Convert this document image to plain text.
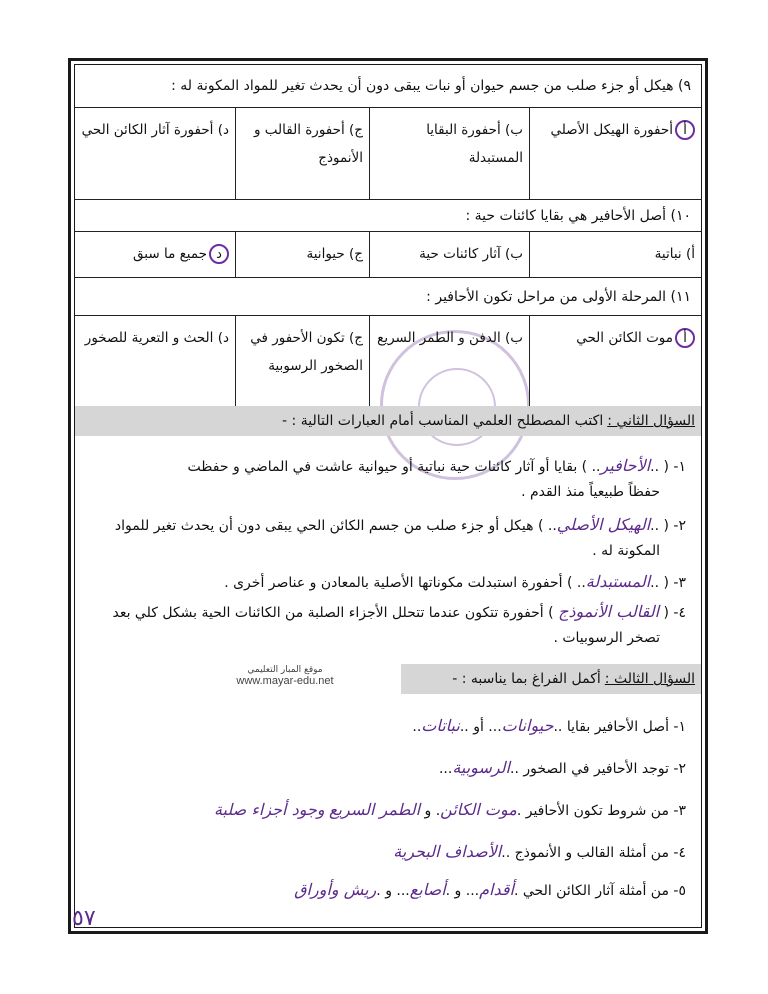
٩) هيكل أو جزء صلب من جسم حيوان أو نبات يبقى دون أن يحدث تغير للمواد المكونة له :
أأحفورة الهيكل الأصلي
ب) أحفورة البقايا المستبدلة
ج) أحفورة القالب و الأنموذج
د) أحفورة آثار الكائن الحي
١٠) أصل الأحافير هي بقايا كائنات حية :
أ) نباتية
ب) آثار كائنات حية
ج) حيوانية
دجميع ما سبق
١١) المرحلة الأولى من مراحل تكون الأحافير :
أموت الكائن الحي
ب) الدفن و الطمر السريع
ج) تكون الأحفور في الصخور الرسوبية
د) الحث و التعرية للصخور
السؤال الثاني :
اكتب المصطلح العلمي المناسب أمام العبارات التالية : -
١- ( ..الأحافير.. ) بقايا أو آثار كائنات حية نباتية أو حيوانية عاشت في الماضي و حفظت
حفظاً طبيعياً منذ القدم .
٢- ( ..الهيكل الأصلي.. ) هيكل أو جزء صلب من جسم الكائن الحي يبقى دون أن يحدث تغير للمواد
المكونة له .
٣- ( ..المستبدلة.. ) أحفورة استبدلت مكوناتها الأصلية بالمعادن و عناصر أخرى .
٤- ( القالب الأنموذج ) أحفورة تتكون عندما تتحلل الأجزاء الصلبة من الكائنات الحية بشكل كلي بعد
تصخر الرسوبيات .
موقع المبار التعليمي
www.mayar-edu.net	السؤال الثالث :
أكمل الفراغ بما يناسبه : -
١- أصل الأحافير بقايا ..حيوانات... أو ..نباتات..
٢- توجد الأحافير في الصخور ..الرسوبية...
٣- من شروط تكون الأحافير .موت الكائن. و الطمر السريع وجود أجزاء صلبة
٤- من أمثلة القالب و الأنموذج ..الأصداف البحرية
٥- من أمثلة آثار الكائن الحي .أقدام... و .أصابع... و .ريش وأوراق
٥٧
